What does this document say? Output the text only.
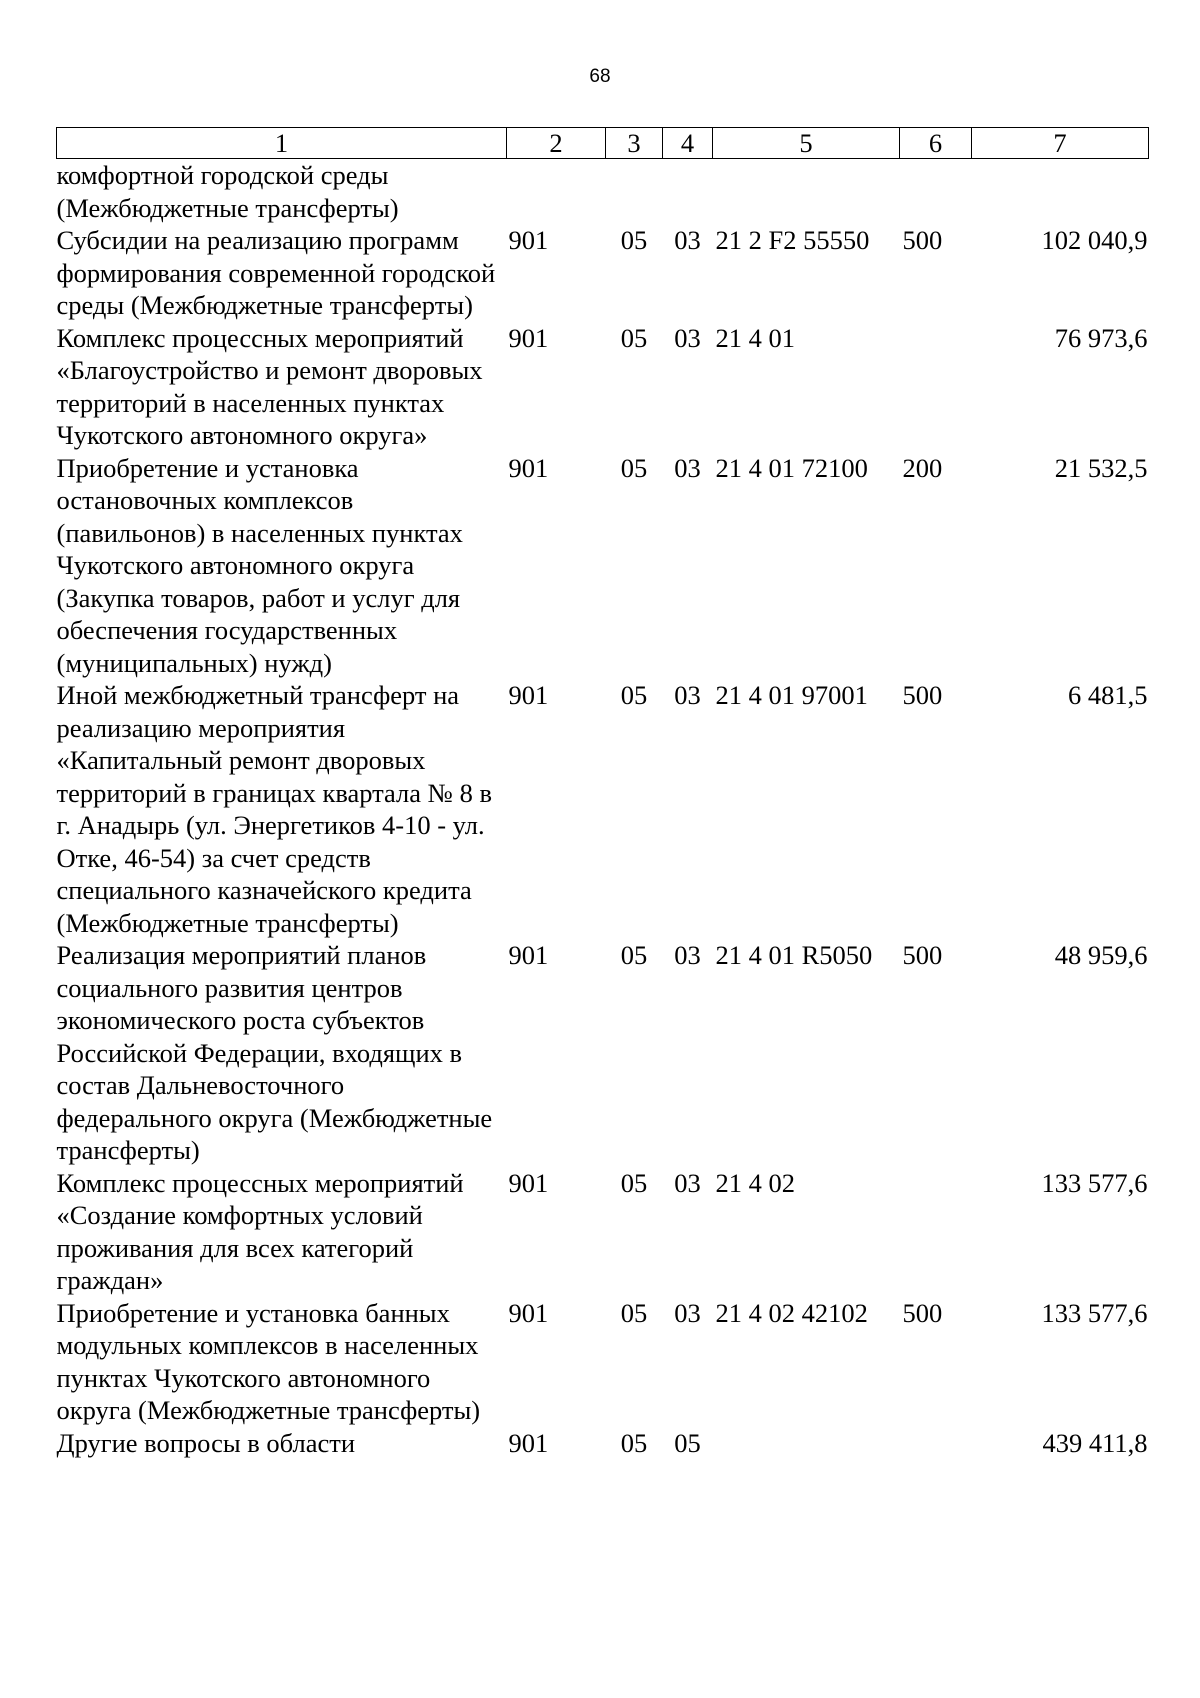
68
1	2	3	4	5	6	7
комфортной городской среды (Межбюджетные трансферты)						
Субсидии на реализацию программ формирования современной городской среды (Межбюджетные трансферты)	901	05	03	21 2 F2 55550	500	102 040,9
Комплекс процессных мероприятий «Благоустройство и ремонт дворовых территорий в населенных пунктах Чукотского автономного округа»	901	05	03	21 4 01		76 973,6
Приобретение и установка остановочных комплексов (павильонов) в населенных пунктах Чукотского автономного округа (Закупка товаров, работ и услуг для обеспечения государственных (муниципальных) нужд)	901	05	03	21 4 01 72100	200	21 532,5
Иной межбюджетный трансферт на реализацию мероприятия «Капитальный ремонт дворовых территорий в границах квартала № 8 в г. Анадырь (ул. Энергетиков 4-10 - ул. Отке, 46-54) за счет средств специального казначейского кредита (Межбюджетные трансферты)	901	05	03	21 4 01 97001	500	6 481,5
Реализация мероприятий планов социального развития центров экономического роста субъектов Российской Федерации, входящих в состав Дальневосточного федерального округа (Межбюджетные трансферты)	901	05	03	21 4 01 R5050	500	48 959,6
Комплекс процессных мероприятий «Создание комфортных условий проживания для всех категорий граждан»	901	05	03	21 4 02		133 577,6
Приобретение и установка банных модульных комплексов в населенных пунктах Чукотского автономного округа (Межбюджетные трансферты)	901	05	03	21 4 02 42102	500	133 577,6
Другие вопросы в области	901	05	05			439 411,8
